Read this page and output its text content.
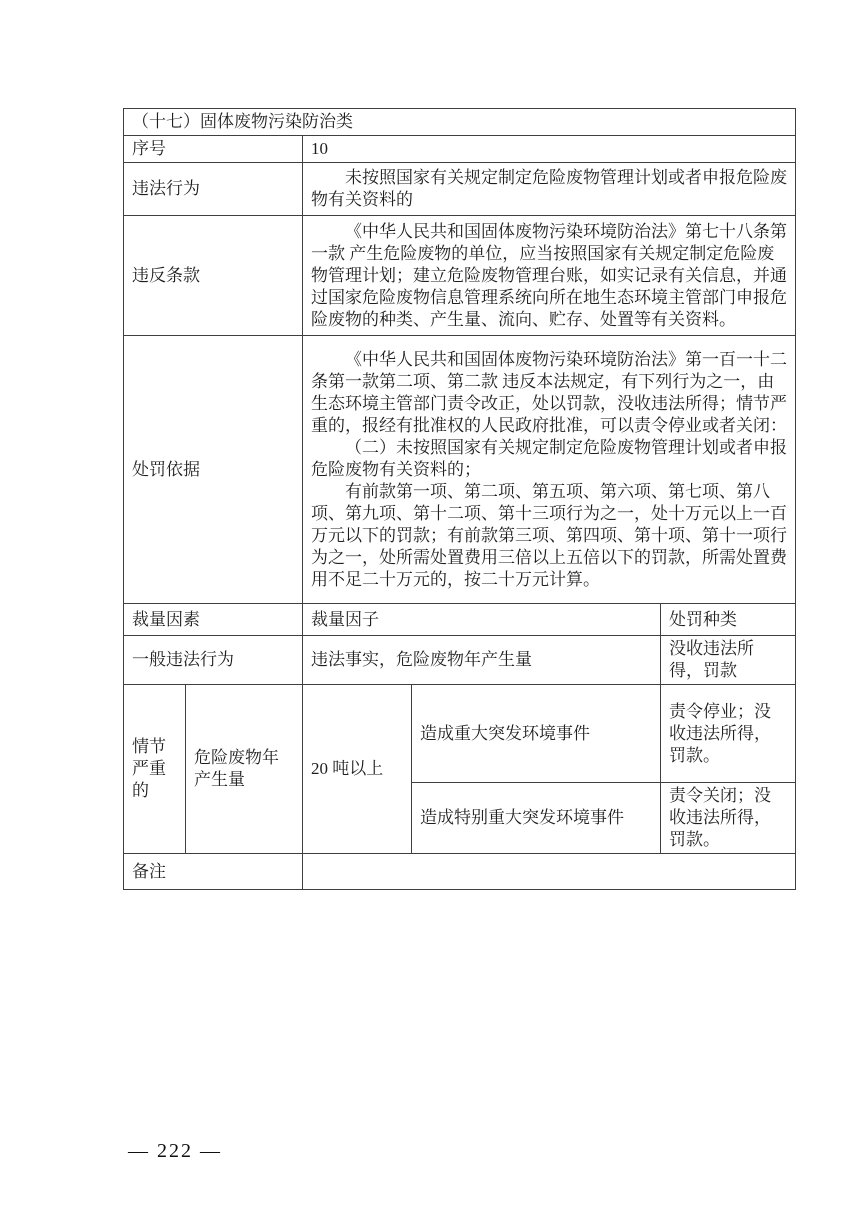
（十七）固体废物污染防治类				
序号		10		
违法行为		未按照国家有关规定制定危险废物管理计划或者申报危险废物有关资料的		

违反条款		《中华人民共和国固体废物污染环境防治法》第七十八条第一款 产生危险废物的单位，应当按照国家有关规定制定危险废物管理计划；建立危险废物管理台账，如实记录有关信息，并通过国家危险废物信息管理系统向所在地生态环境主管部门申报危险废物的种类、产生量、流向、贮存、处置等有关资料。		

处罚依据		《中华人民共和国固体废物污染环境防治法》第一百一十二条第一款第二项、第二款 违反本法规定，有下列行为之一，由生态环境主管部门责令改正，处以罚款，没收违法所得；情节严重的，报经有批准权的人民政府批准，可以责令停业或者关闭：

（二）未按照国家有关规定制定危险废物管理计划或者申报危险废物有关资料的；

有前款第一项、第二项、第五项、第六项、第七项、第八项、第九项、第十二项、第十三项行为之一，处十万元以上一百万元以下的罚款；有前款第三项、第四项、第十项、第十一项行为之一，处所需处置费用三倍以上五倍以下的罚款，所需处置费用不足二十万元的，按二十万元计算。		

裁量因素		裁量因子		处罚种类
一般违法行为		违法事实，危险废物年产生量		没收违法所得，罚款
情节严重的	危险废物年产生量	20 吨以上	造成重大突发环境事件	责令停业；没收违法所得，罚款。
			造成特别重大突发环境事件	责令关闭；没收违法所得，罚款。
备注				
— 222 —
